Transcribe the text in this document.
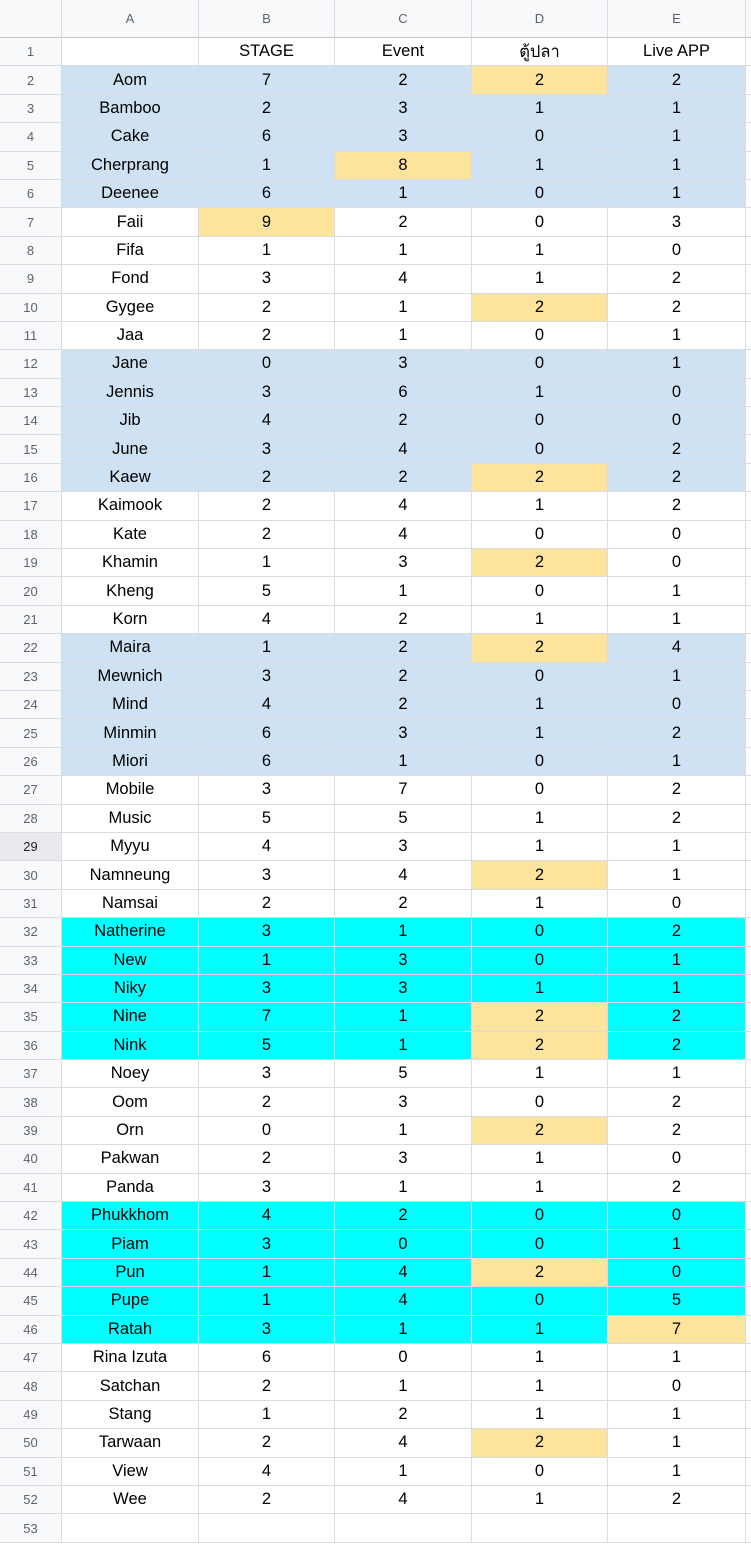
A	B	C	D	E
1	STAGE	Event	ตู้ปลา	Live APP
2	Aom	7	2	2	2
3	Bamboo	2	3	1	1
4	Cake	6	3	0	1
5	Cherprang	1	8	1	1
6	Deenee	6	1	0	1
7	Faii	9	2	0	3
8	Fifa	1	1	1	0
9	Fond	3	4	1	2
10	Gygee	2	1	2	2
11	Jaa	2	1	0	1
12	Jane	0	3	0	1
13	Jennis	3	6	1	0
14	Jib	4	2	0	0
15	June	3	4	0	2
16	Kaew	2	2	2	2
17	Kaimook	2	4	1	2
18	Kate	2	4	0	0
19	Khamin	1	3	2	0
20	Kheng	5	1	0	1
21	Korn	4	2	1	1
22	Maira	1	2	2	4
23	Mewnich	3	2	0	1
24	Mind	4	2	1	0
25	Minmin	6	3	1	2
26	Miori	6	1	0	1
27	Mobile	3	7	0	2
28	Music	5	5	1	2
29	Myyu	4	3	1	1
30	Namneung	3	4	2	1
31	Namsai	2	2	1	0
32	Natherine	3	1	0	2
33	New	1	3	0	1
34	Niky	3	3	1	1
35	Nine	7	1	2	2
36	Nink	5	1	2	2
37	Noey	3	5	1	1
38	Oom	2	3	0	2
39	Orn	0	1	2	2
40	Pakwan	2	3	1	0
41	Panda	3	1	1	2
42	Phukkhom	4	2	0	0
43	Piam	3	0	0	1
44	Pun	1	4	2	0
45	Pupe	1	4	0	5
46	Ratah	3	1	1	7
47	Rina Izuta	6	0	1	1
48	Satchan	2	1	1	0
49	Stang	1	2	1	1
50	Tarwaan	2	4	2	1
51	View	4	1	0	1
52	Wee	2	4	1	2
53
